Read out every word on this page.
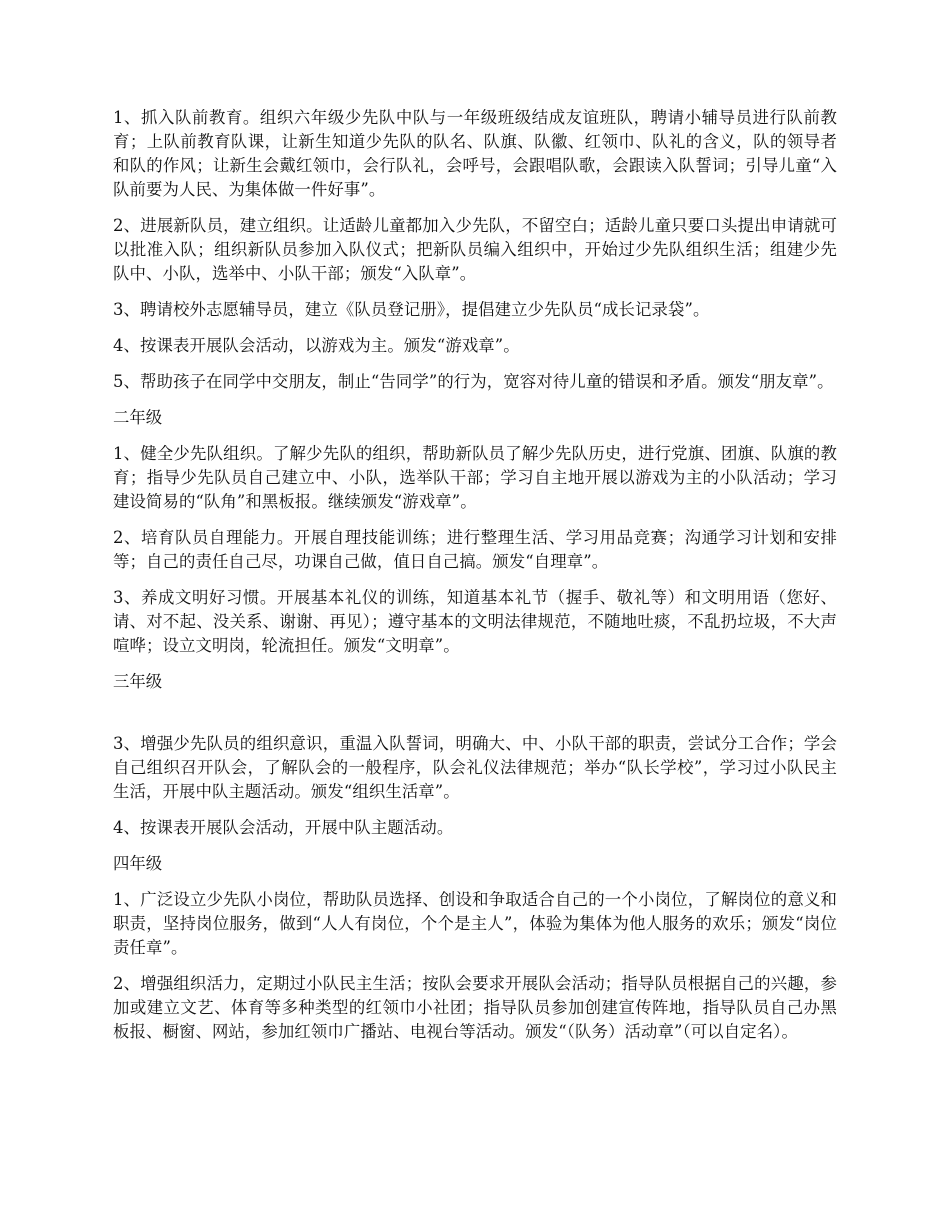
1、抓入队前教育。组织六年级少先队中队与一年级班级结成友谊班队，聘请小辅导员进行队前教育；上队前教育队课，让新生知道少先队的队名、队旗、队徽、红领巾、队礼的含义，队的领导者和队的作风；让新生会戴红领巾，会行队礼，会呼号，会跟唱队歌，会跟读入队誓词；引导儿童“入队前要为人民、为集体做一件好事”。

2、进展新队员，建立组织。让适龄儿童都加入少先队，不留空白；适龄儿童只要口头提出申请就可以批准入队；组织新队员参加入队仪式；把新队员编入组织中，开始过少先队组织生活；组建少先队中、小队，选举中、小队干部；颁发“入队章”。

3、聘请校外志愿辅导员，建立《队员登记册》，提倡建立少先队员“成长记录袋”。

4、按课表开展队会活动，以游戏为主。颁发“游戏章”。

5、帮助孩子在同学中交朋友，制止“告同学”的行为，宽容对待儿童的错误和矛盾。颁发“朋友章”。

二年级

1、健全少先队组织。了解少先队的组织，帮助新队员了解少先队历史，进行党旗、团旗、队旗的教育；指导少先队员自己建立中、小队，选举队干部；学习自主地开展以游戏为主的小队活动；学习建设简易的“队角”和黑板报。继续颁发“游戏章”。

2、培育队员自理能力。开展自理技能训练；进行整理生活、学习用品竞赛；沟通学习计划和安排等；自己的责任自己尽，功课自己做，值日自己搞。颁发“自理章”。

3、养成文明好习惯。开展基本礼仪的训练，知道基本礼节（握手、敬礼等）和文明用语（您好、请、对不起、没关系、谢谢、再见）；遵守基本的文明法律规范，不随地吐痰，不乱扔垃圾，不大声喧哗；设立文明岗，轮流担任。颁发“文明章”。

三年级

3、增强少先队员的组织意识，重温入队誓词，明确大、中、小队干部的职责，尝试分工合作；学会自己组织召开队会，了解队会的一般程序，队会礼仪法律规范；举办“队长学校”，学习过小队民主生活，开展中队主题活动。颁发“组织生活章”。

4、按课表开展队会活动，开展中队主题活动。

四年级

1、广泛设立少先队小岗位，帮助队员选择、创设和争取适合自己的一个小岗位，了解岗位的意义和职责，坚持岗位服务，做到“人人有岗位，个个是主人”，体验为集体为他人服务的欢乐；颁发“岗位责任章”。

2、增强组织活力，定期过小队民主生活；按队会要求开展队会活动；指导队员根据自己的兴趣，参加或建立文艺、体育等多种类型的红领巾小社团；指导队员参加创建宣传阵地，指导队员自己办黑板报、橱窗、网站，参加红领巾广播站、电视台等活动。颁发“（队务）活动章”（可以自定名）。
